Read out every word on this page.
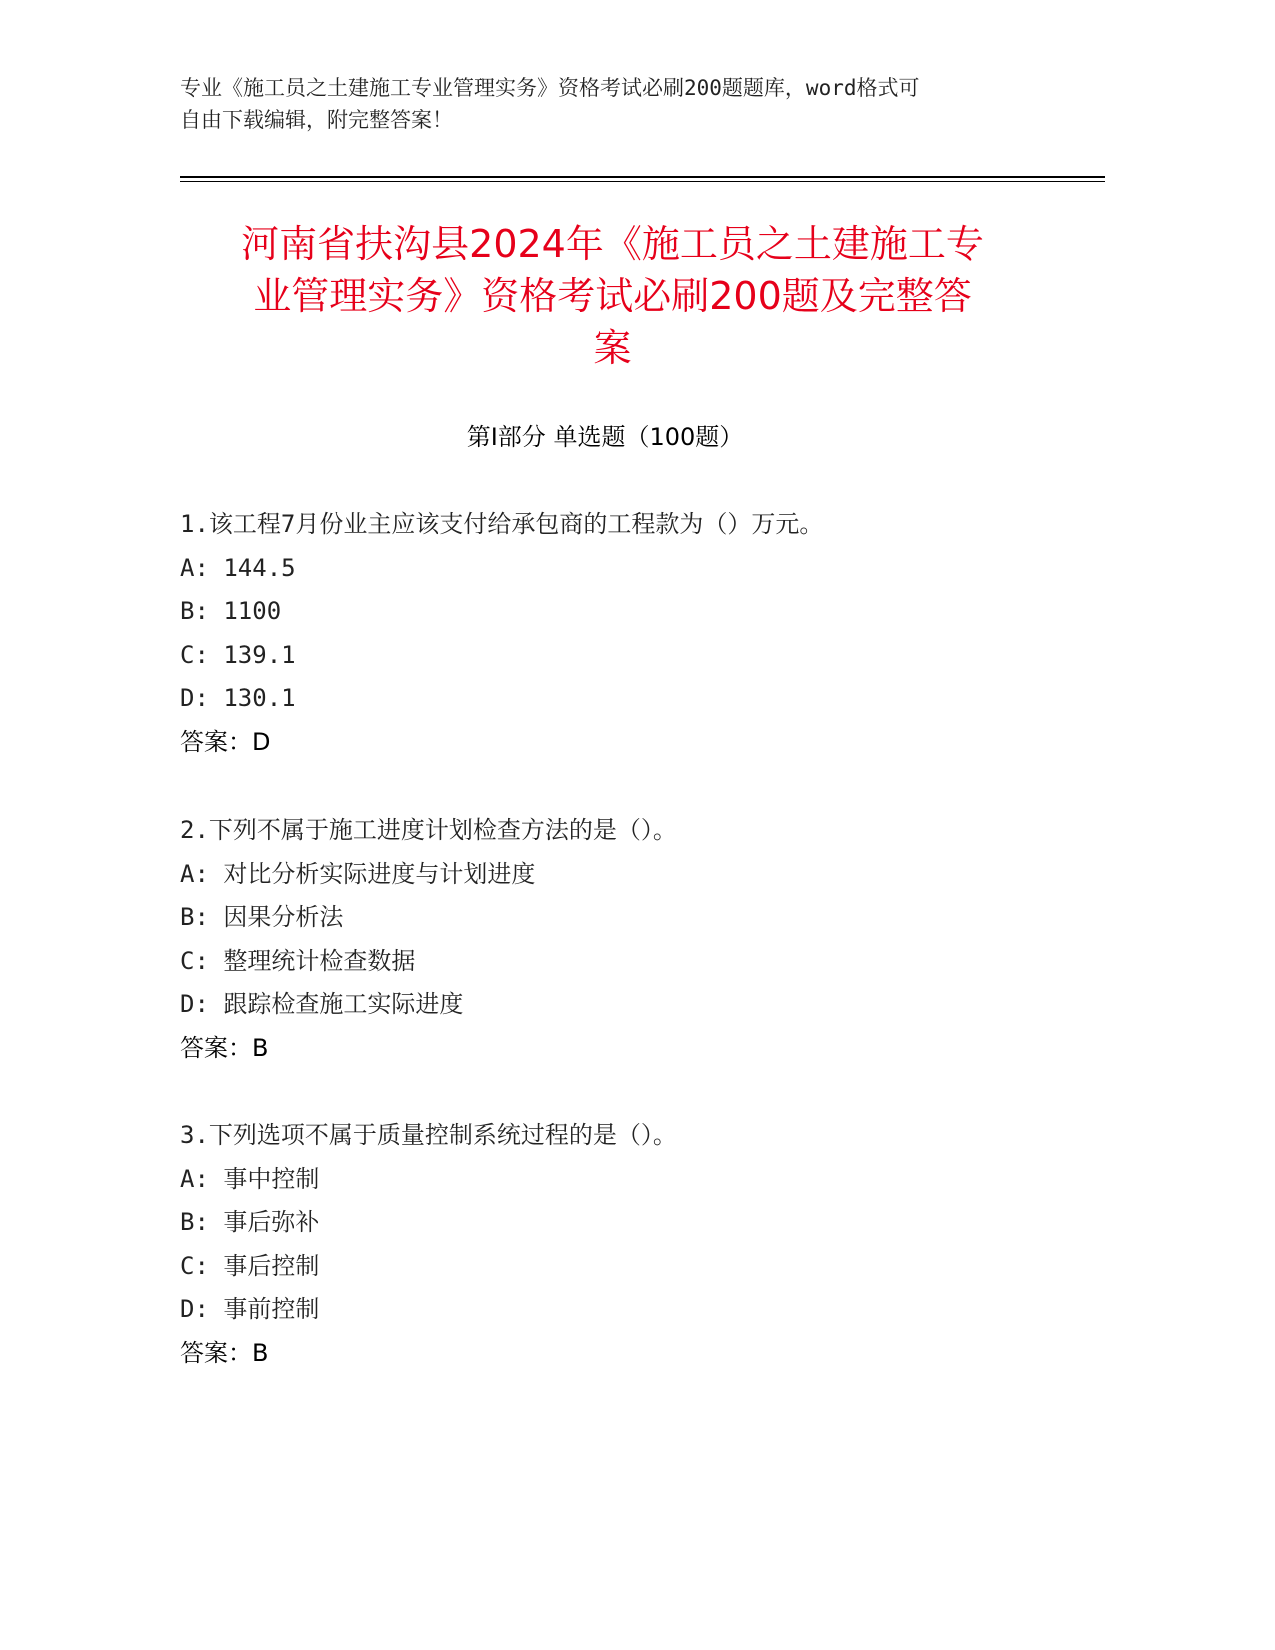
专业《施工员之土建施工专业管理实务》资格考试必刷200题题库，word格式可
自由下载编辑，附完整答案！
河南省扶沟县2024年《施工员之土建施工专
业管理实务》资格考试必刷200题及完整答
案
第Ⅰ部分 单选题（100题）
1.该工程7月份业主应该支付给承包商的工程款为（）万元。
A: 144.5
B: 1100
C: 139.1
D: 130.1
答案：D
2.下列不属于施工进度计划检查方法的是（）。
A: 对比分析实际进度与计划进度
B: 因果分析法
C: 整理统计检查数据
D: 跟踪检查施工实际进度
答案：B
3.下列选项不属于质量控制系统过程的是（）。
A: 事中控制
B: 事后弥补
C: 事后控制
D: 事前控制
答案：B
